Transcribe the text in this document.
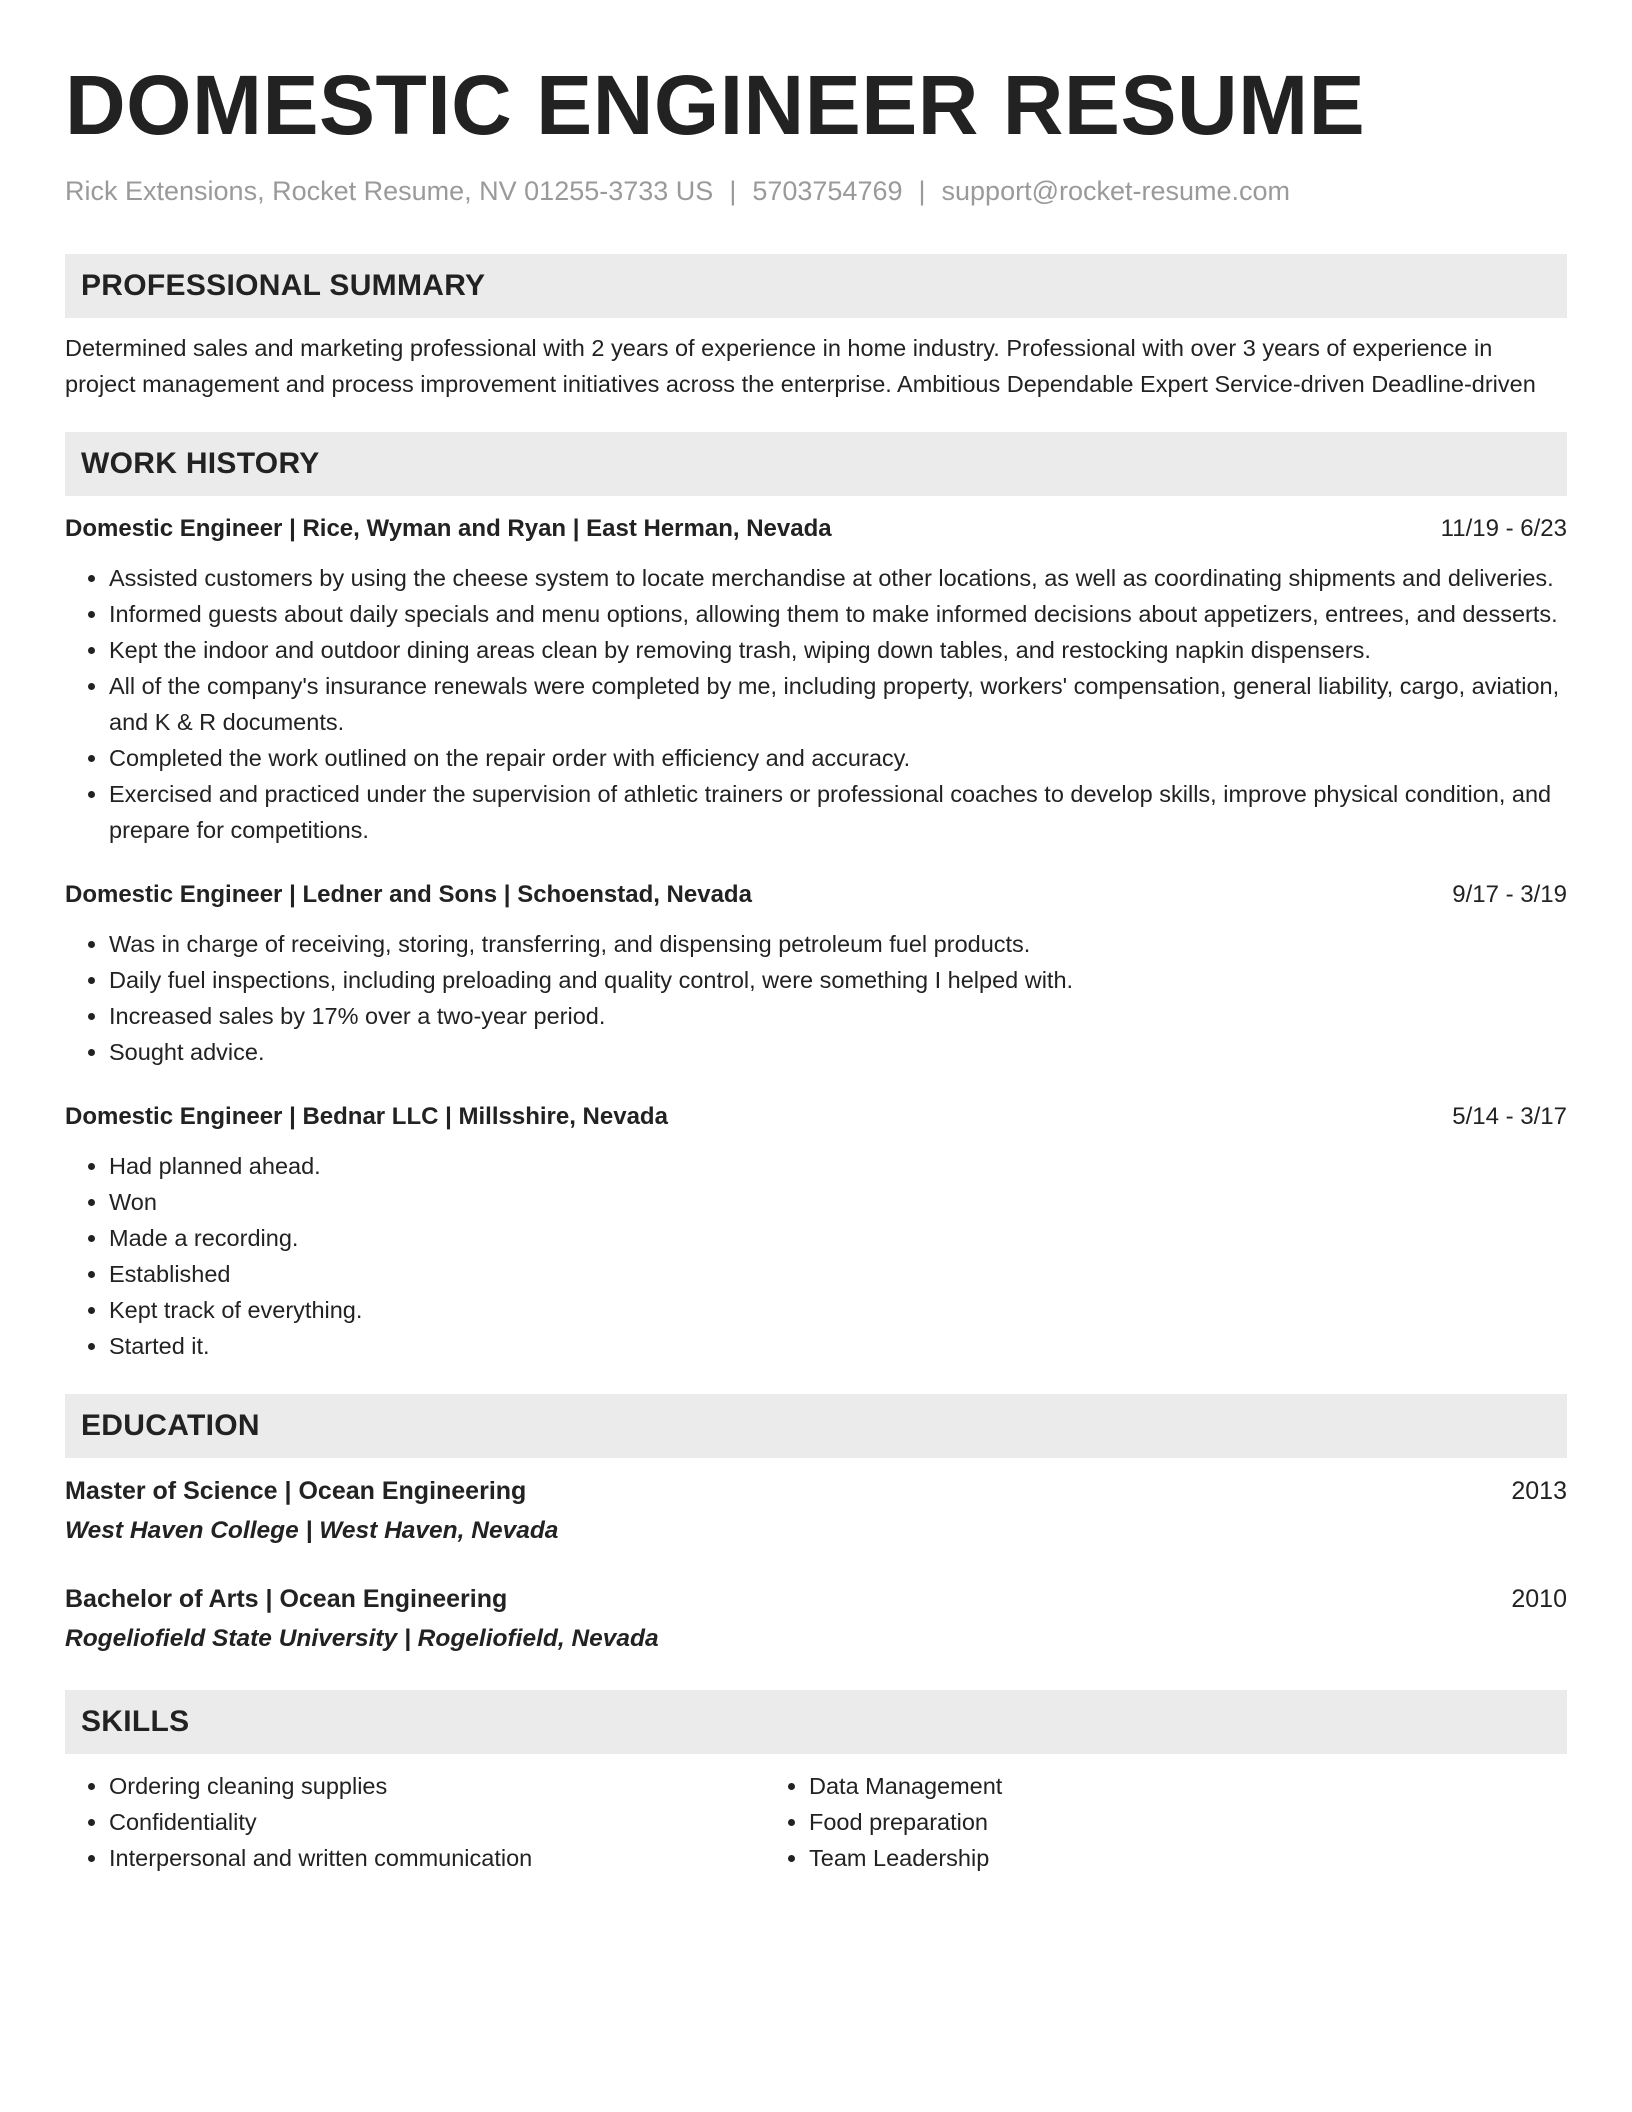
DOMESTIC ENGINEER RESUME
Rick Extensions, Rocket Resume, NV 01255-3733 US | 5703754769 | support@rocket-resume.com
PROFESSIONAL SUMMARY
Determined sales and marketing professional with 2 years of experience in home industry. Professional with over 3 years of experience in project management and process improvement initiatives across the enterprise. Ambitious Dependable Expert Service-driven Deadline-driven
WORK HISTORY
Domestic Engineer | Rice, Wyman and Ryan | East Herman, Nevada	11/19 - 6/23
• Assisted customers by using the cheese system to locate merchandise at other locations, as well as coordinating shipments and deliveries.
• Informed guests about daily specials and menu options, allowing them to make informed decisions about appetizers, entrees, and desserts.
• Kept the indoor and outdoor dining areas clean by removing trash, wiping down tables, and restocking napkin dispensers.
• All of the company's insurance renewals were completed by me, including property, workers' compensation, general liability, cargo, aviation, and K & R documents.
• Completed the work outlined on the repair order with efficiency and accuracy.
• Exercised and practiced under the supervision of athletic trainers or professional coaches to develop skills, improve physical condition, and prepare for competitions.
Domestic Engineer | Ledner and Sons | Schoenstad, Nevada	9/17 - 3/19
• Was in charge of receiving, storing, transferring, and dispensing petroleum fuel products.
• Daily fuel inspections, including preloading and quality control, were something I helped with.
• Increased sales by 17% over a two-year period.
• Sought advice.
Domestic Engineer | Bednar LLC | Millsshire, Nevada	5/14 - 3/17
• Had planned ahead.
• Won
• Made a recording.
• Established
• Kept track of everything.
• Started it.
EDUCATION
Master of Science | Ocean Engineering	2013
West Haven College | West Haven, Nevada
Bachelor of Arts | Ocean Engineering	2010
Rogeliofield State University | Rogeliofield, Nevada
SKILLS
• Ordering cleaning supplies
• Confidentiality
• Interpersonal and written communication
• Data Management
• Food preparation
• Team Leadership
